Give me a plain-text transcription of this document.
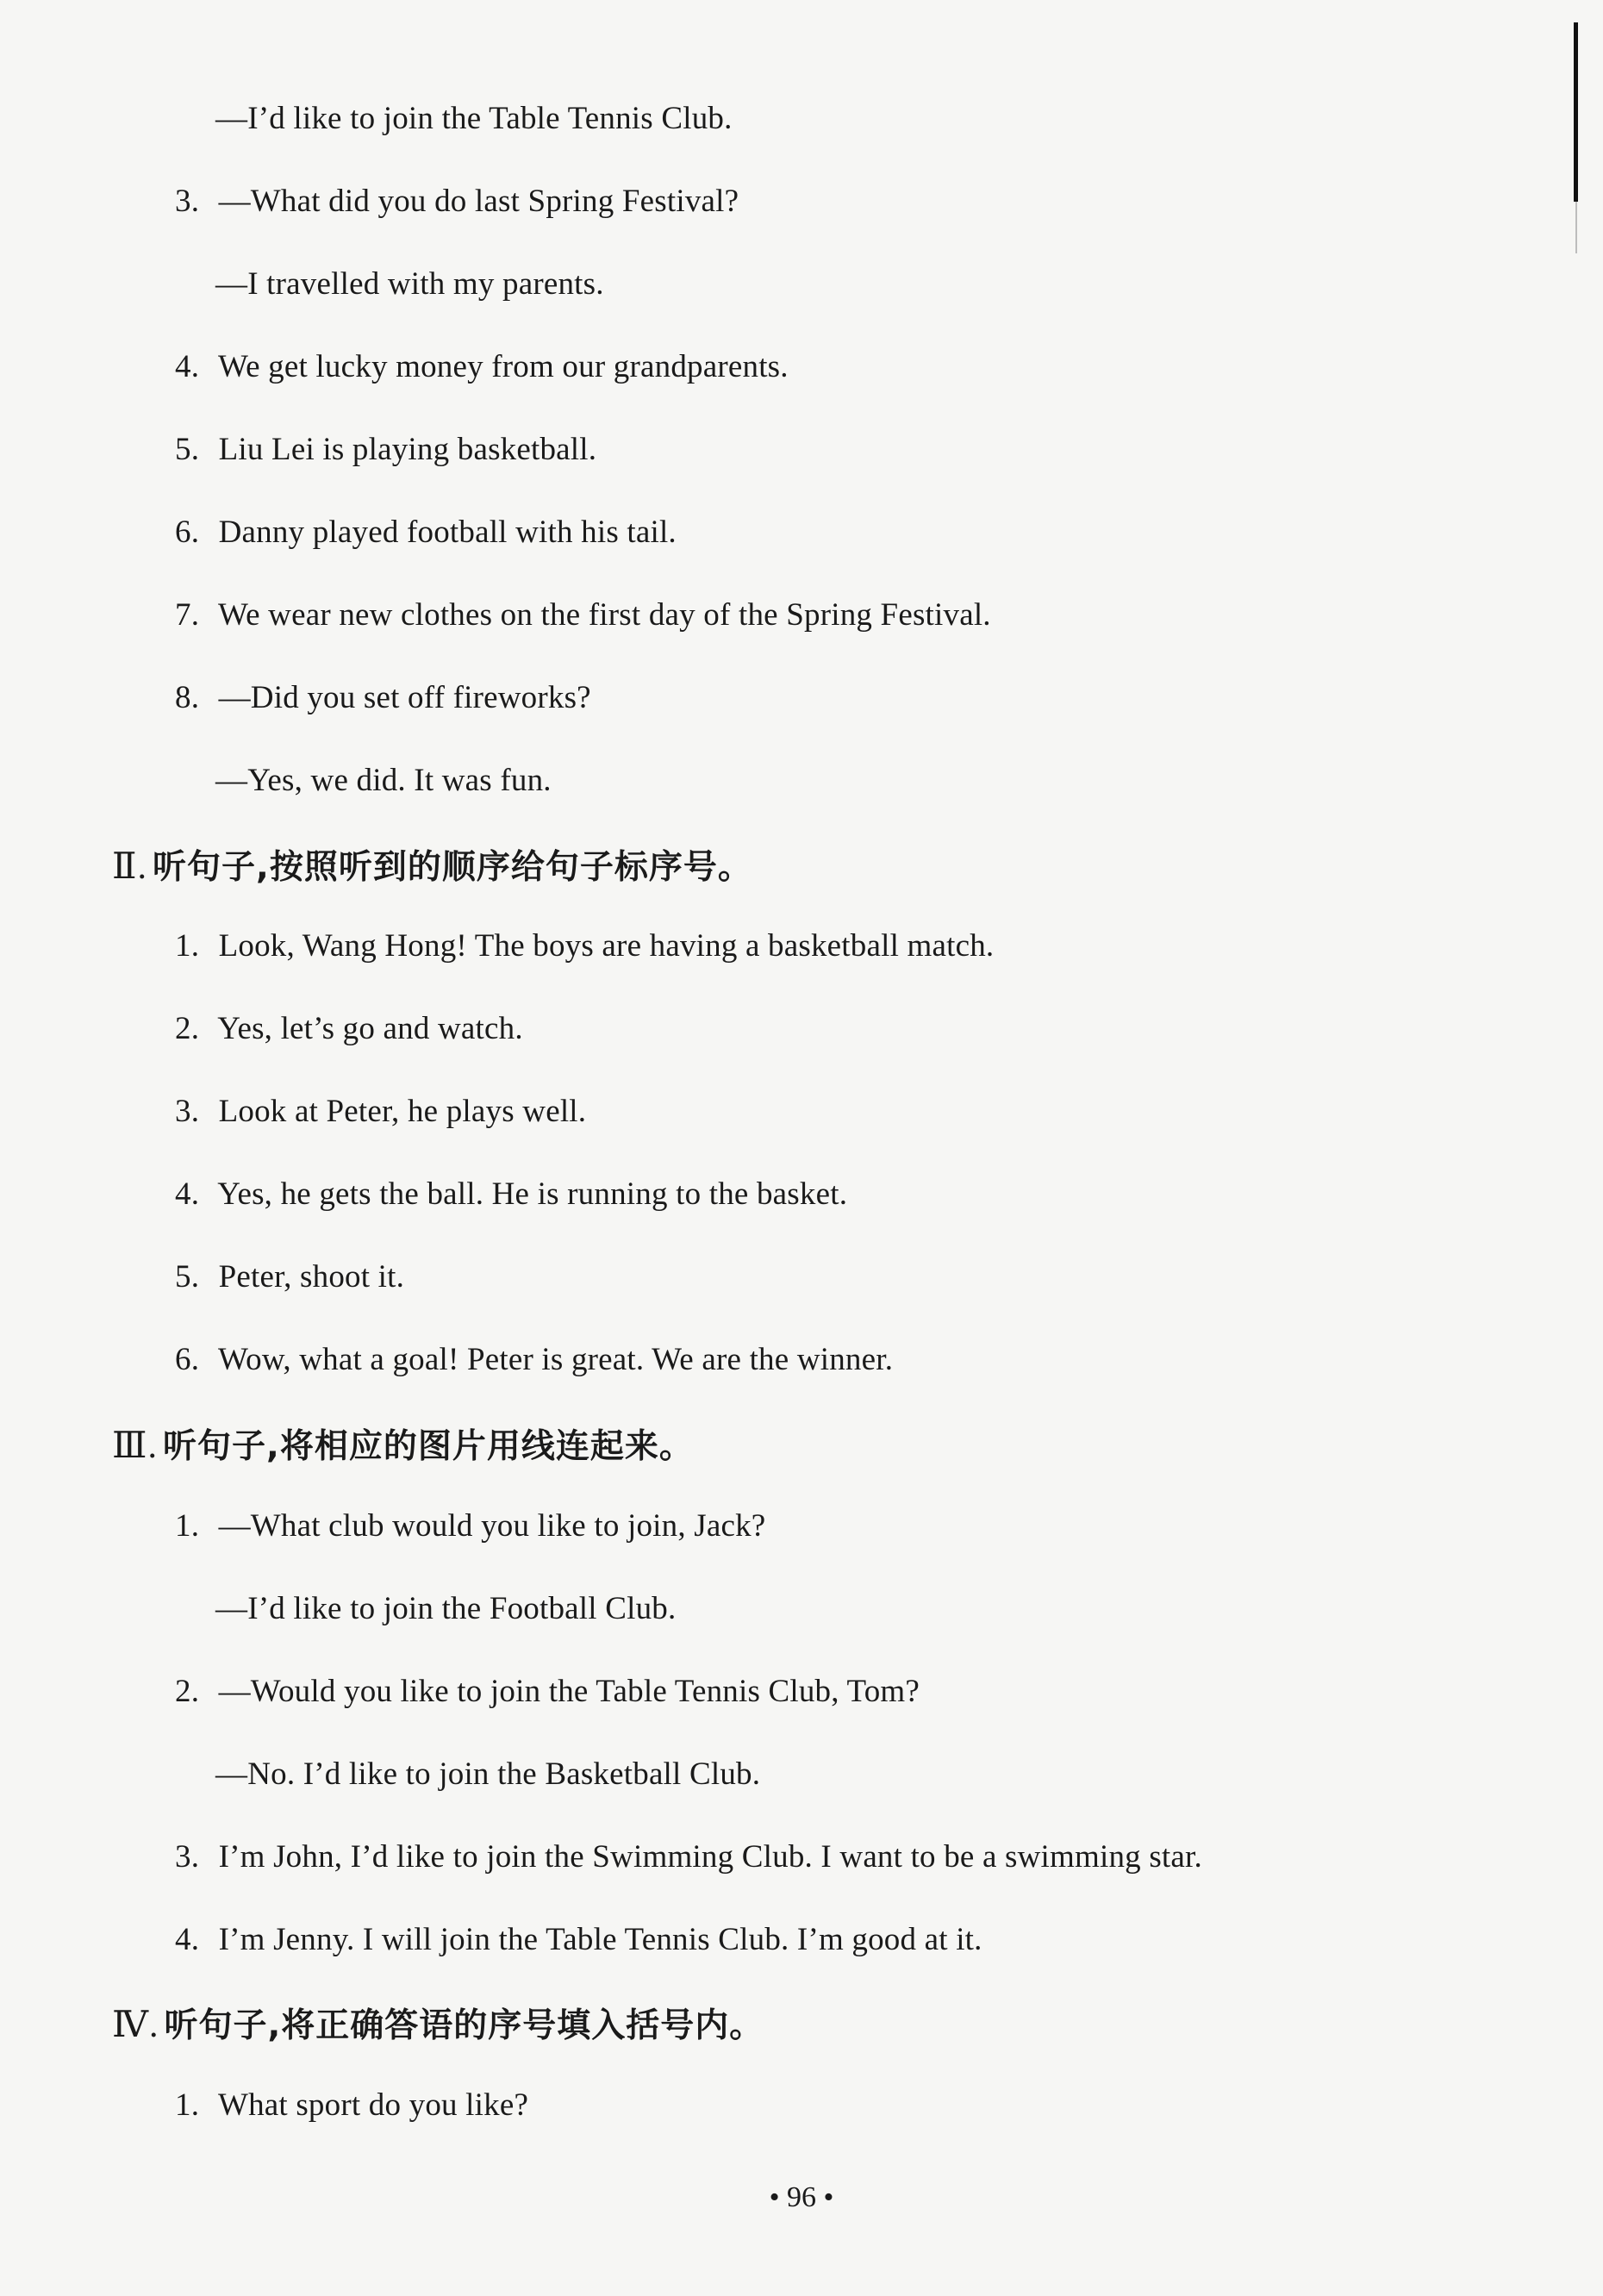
—I’d like to join the Table Tennis Club.
3. —What did you do last Spring Festival?
—I travelled with my parents.
4. We get lucky money from our grandparents.
5. Liu Lei is playing basketball.
6. Danny played football with his tail.
7. We wear new clothes on the first day of the Spring Festival.
8. —Did you set off fireworks?
—Yes, we did. It was fun.
Ⅱ. 听句子,按照听到的顺序给句子标序号。
1. Look, Wang Hong! The boys are having a basketball match.
2. Yes, let’s go and watch.
3. Look at Peter, he plays well.
4. Yes, he gets the ball. He is running to the basket.
5. Peter, shoot it.
6. Wow, what a goal! Peter is great. We are the winner.
Ⅲ. 听句子,将相应的图片用线连起来。
1. —What club would you like to join, Jack?
—I’d like to join the Football Club.
2. —Would you like to join the Table Tennis Club, Tom?
—No. I’d like to join the Basketball Club.
3. I’m John, I’d like to join the Swimming Club. I want to be a swimming star.
4. I’m Jenny. I will join the Table Tennis Club. I’m good at it.
Ⅳ. 听句子,将正确答语的序号填入括号内。
1. What sport do you like?
• 96 •
